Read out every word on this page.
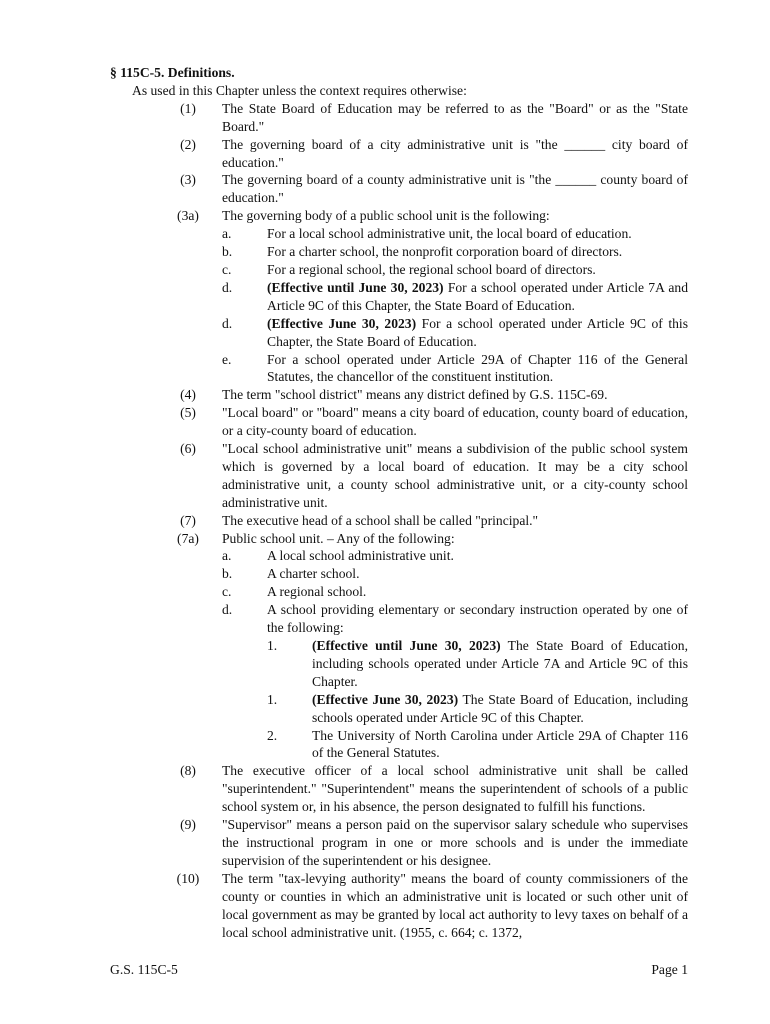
§ 115C-5. Definitions.
As used in this Chapter unless the context requires otherwise:
(1)	The State Board of Education may be referred to as the "Board" or as the "State Board."
(2)	The governing board of a city administrative unit is "the ______ city board of education."
(3)	The governing board of a county administrative unit is "the ______ county board of education."
(3a)	The governing body of a public school unit is the following:
a.	For a local school administrative unit, the local board of education.
b.	For a charter school, the nonprofit corporation board of directors.
c.	For a regional school, the regional school board of directors.
d.	(Effective until June 30, 2023) For a school operated under Article 7A and Article 9C of this Chapter, the State Board of Education.
d.	(Effective June 30, 2023) For a school operated under Article 9C of this Chapter, the State Board of Education.
e.	For a school operated under Article 29A of Chapter 116 of the General Statutes, the chancellor of the constituent institution.
(4)	The term "school district" means any district defined by G.S. 115C-69.
(5)	"Local board" or "board" means a city board of education, county board of education, or a city-county board of education.
(6)	"Local school administrative unit" means a subdivision of the public school system which is governed by a local board of education. It may be a city school administrative unit, a county school administrative unit, or a city-county school administrative unit.
(7)	The executive head of a school shall be called "principal."
(7a)	Public school unit. – Any of the following:
a.	A local school administrative unit.
b.	A charter school.
c.	A regional school.
d.	A school providing elementary or secondary instruction operated by one of the following:
1.	(Effective until June 30, 2023) The State Board of Education, including schools operated under Article 7A and Article 9C of this Chapter.
1.	(Effective June 30, 2023) The State Board of Education, including schools operated under Article 9C of this Chapter.
2.	The University of North Carolina under Article 29A of Chapter 116 of the General Statutes.
(8)	The executive officer of a local school administrative unit shall be called "superintendent." "Superintendent" means the superintendent of schools of a public school system or, in his absence, the person designated to fulfill his functions.
(9)	"Supervisor" means a person paid on the supervisor salary schedule who supervises the instructional program in one or more schools and is under the immediate supervision of the superintendent or his designee.
(10)	The term "tax-levying authority" means the board of county commissioners of the county or counties in which an administrative unit is located or such other unit of local government as may be granted by local act authority to levy taxes on behalf of a local school administrative unit. (1955, c. 664; c. 1372,
G.S. 115C-5	Page 1
